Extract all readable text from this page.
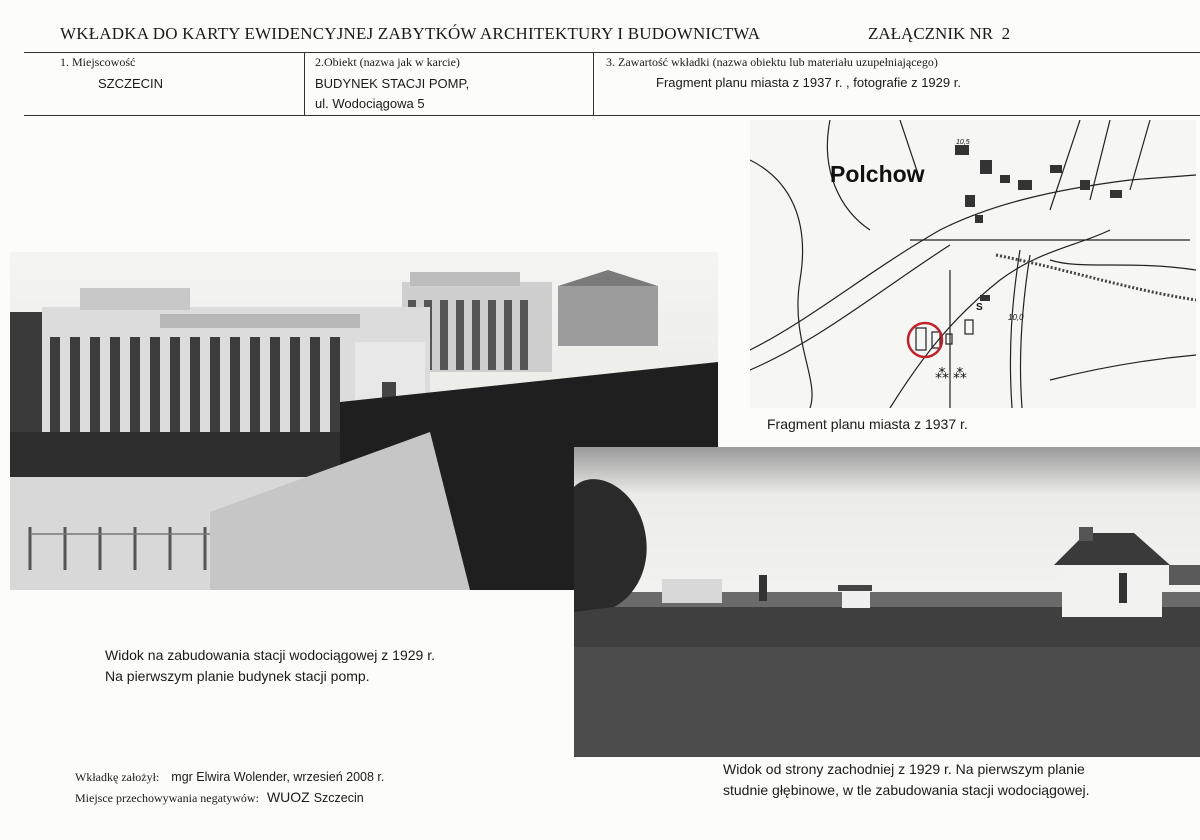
WKŁADKA DO KARTY EWIDENCYJNEJ ZABYTKÓW ARCHITEKTURY I BUDOWNICTWA	ZAŁĄCZNIK NR 2
1. Miejscowość
SZCZECIN
2.Obiekt (nazwa jak w karcie)
BUDYNEK STACJI POMP,
ul. Wodociągowa 5
3. Zawartość wkładki (nazwa obiektu lub materiału uzupełniającego)
Fragment planu miasta z 1937 r. , fotografie z 1929 r.
Polchow
10,0
10,5
S
⁂ ⁂
Fragment planu miasta z 1937 r.
Widok na zabudowania stacji wodociągowej z 1929 r.
Na pierwszym planie budynek stacji pomp.
Widok od strony zachodniej z 1929 r. Na pierwszym planie
studnie głębinowe, w tle zabudowania stacji wodociągowej.
Wkładkę założył: mgr Elwira Wolender, wrzesień 2008 r.
Miejsce przechowywania negatywów: WUOZ Szczecin
